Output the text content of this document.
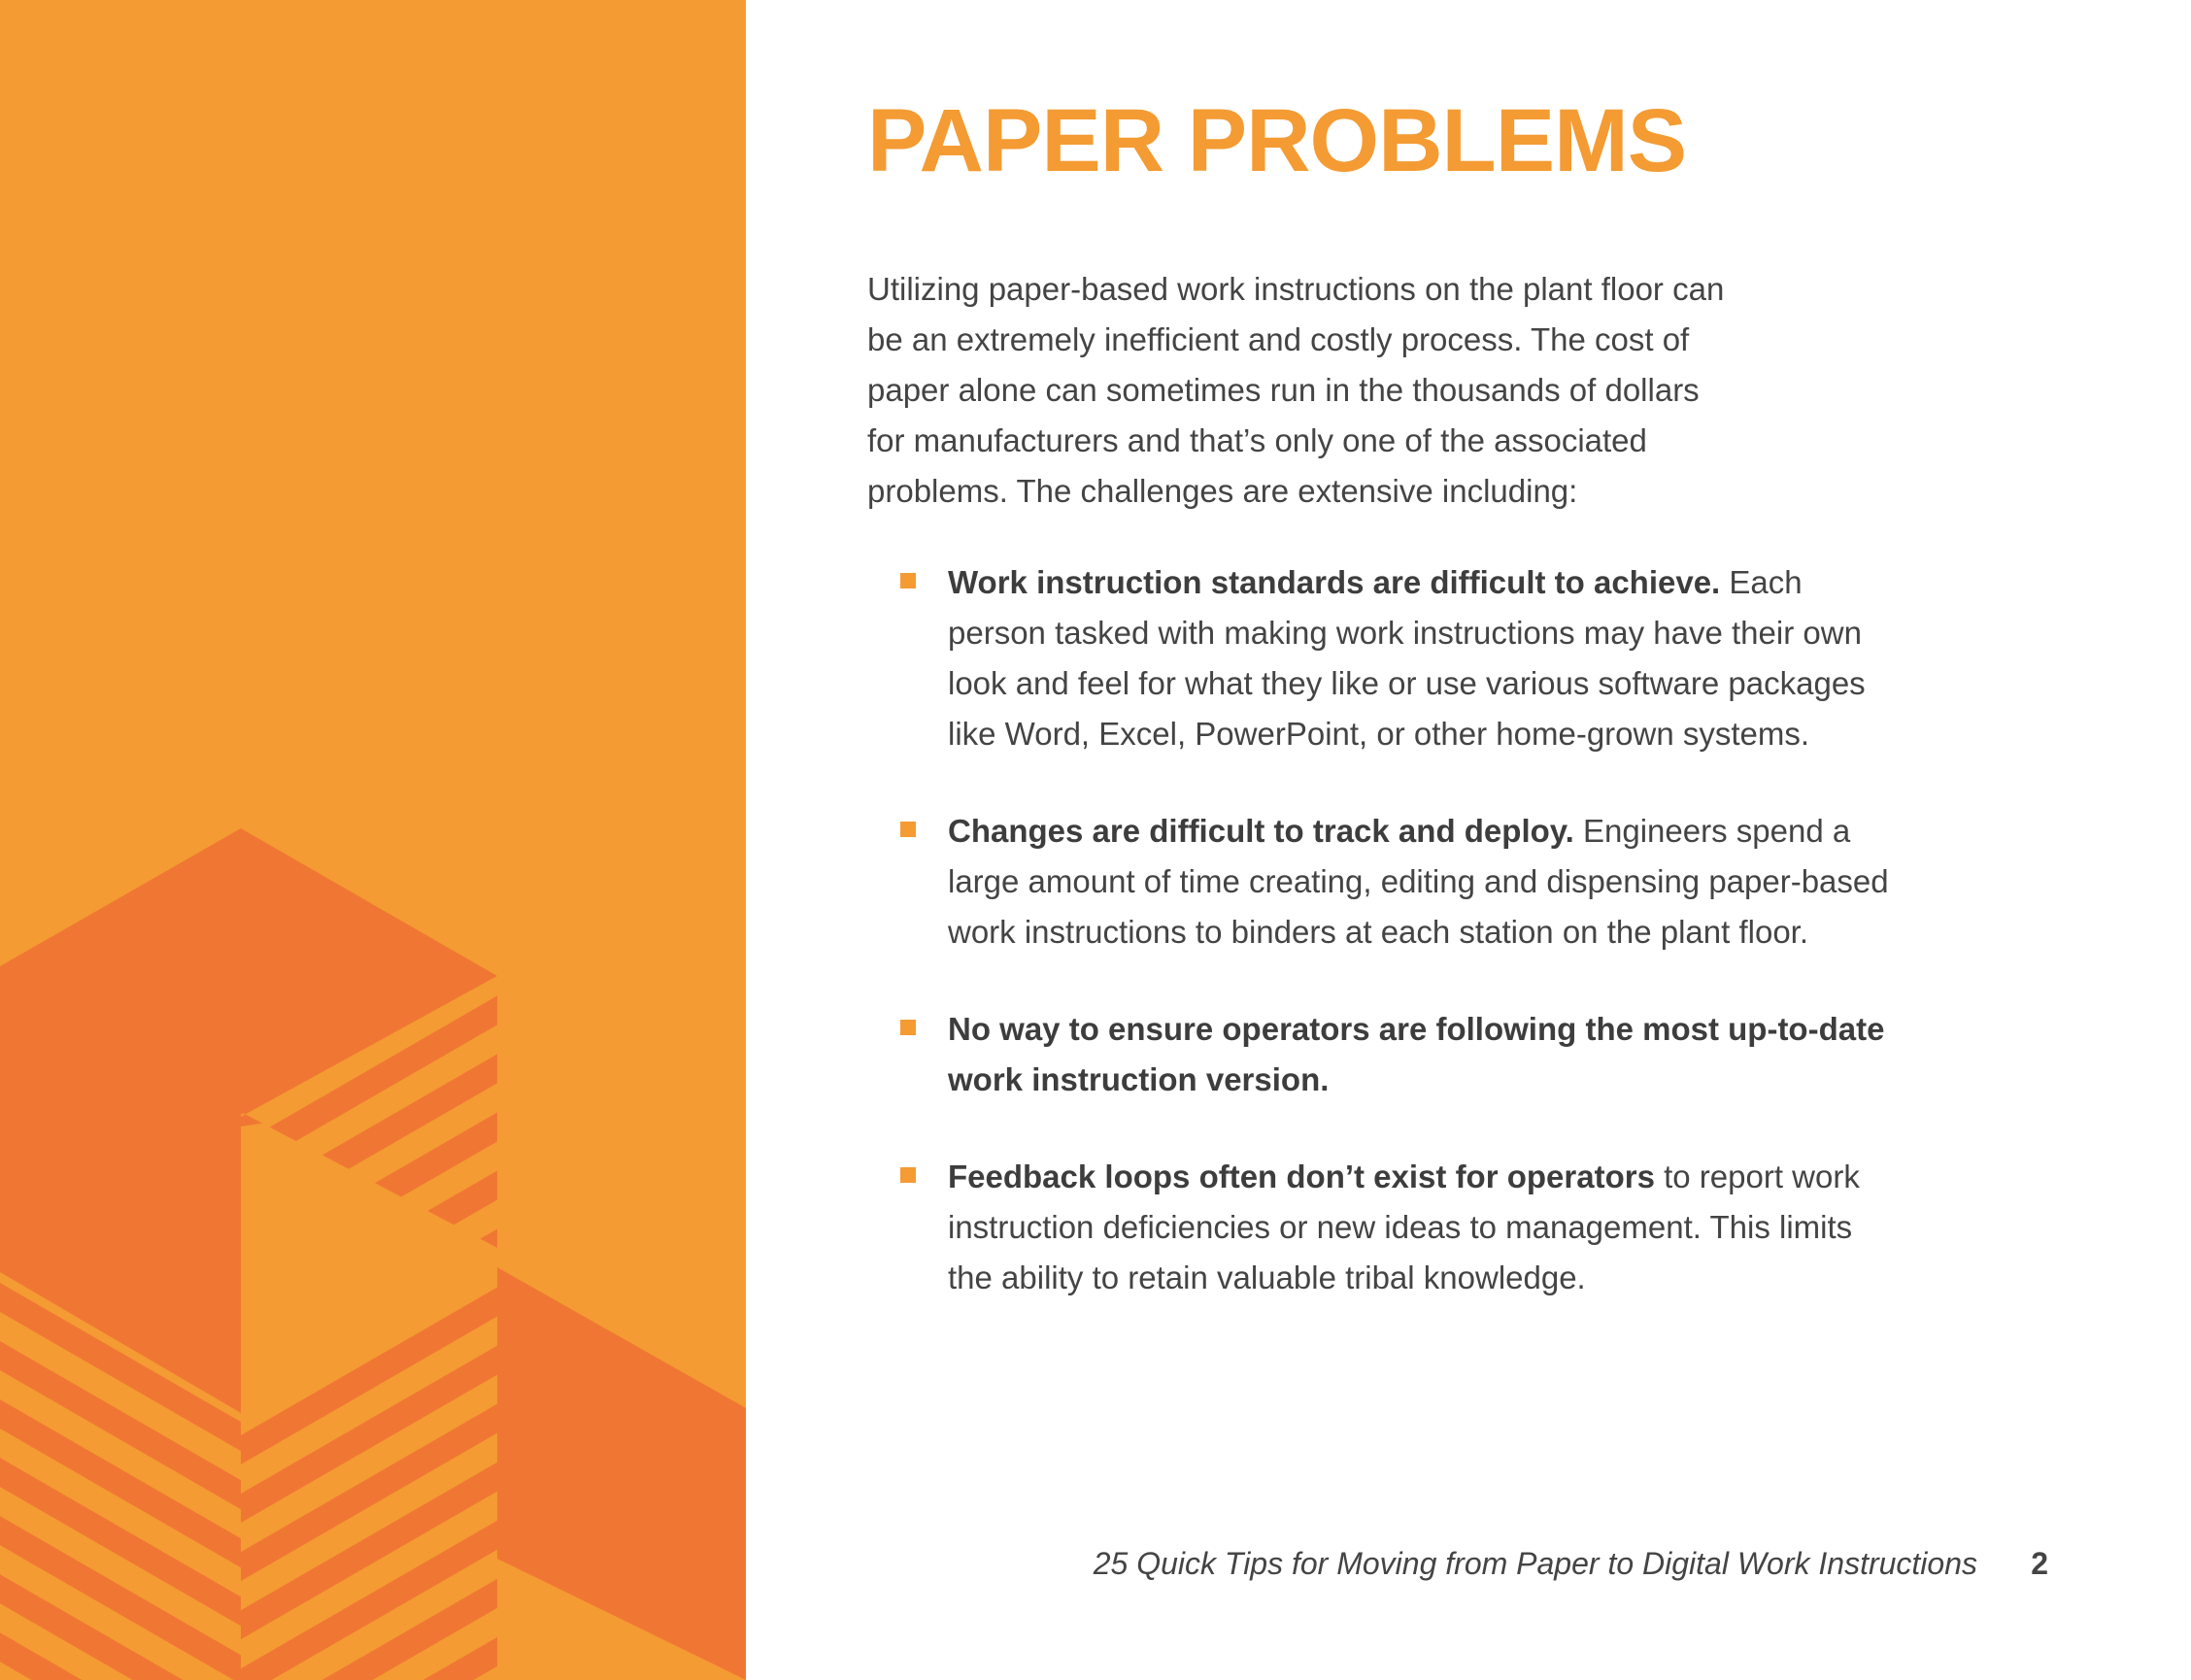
PAPER PROBLEMS

Utilizing paper-based work instructions on the plant floor can be an extremely inefficient and costly process. The cost of paper alone can sometimes run in the thousands of dollars for manufacturers and that’s only one of the associated problems. The challenges are extensive including:

Work instruction standards are difficult to achieve. Each person tasked with making work instructions may have their own look and feel for what they like or use various software packages like Word, Excel, PowerPoint, or other home-grown systems.
Changes are difficult to track and deploy. Engineers spend a large amount of time creating, editing and dispensing paper-based work instructions to binders at each station on the plant floor.
No way to ensure operators are following the most up-to-date work instruction version.
Feedback loops often don’t exist for operators to report work instruction deficiencies or new ideas to management. This limits the ability to retain valuable tribal knowledge.
25 Quick Tips for Moving from Paper to Digital Work Instructions 2
